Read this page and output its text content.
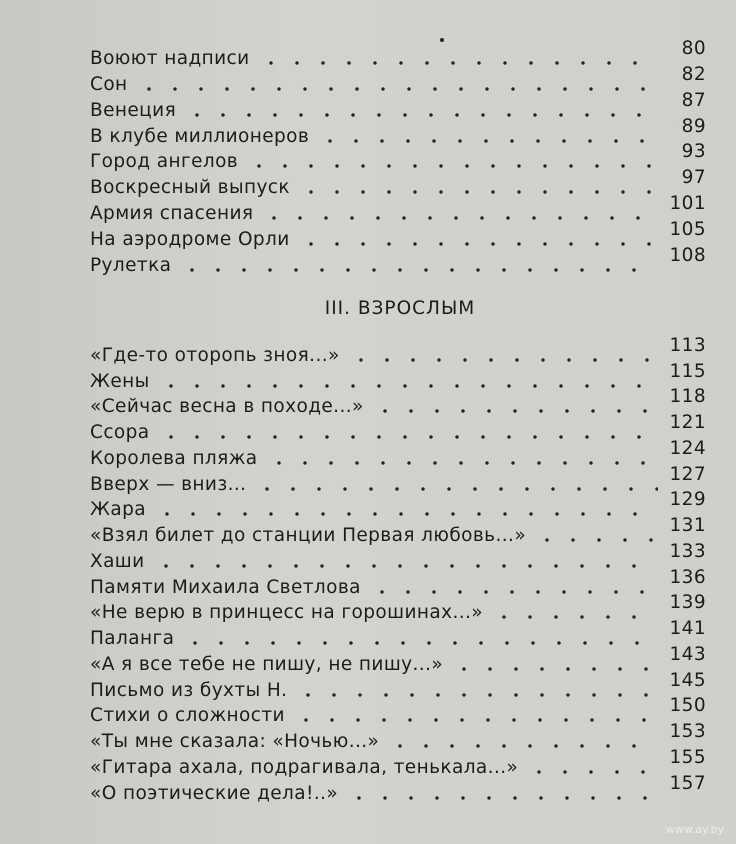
Воюют надписи	80
Сон	82
Венеция	87
В клубе миллионеров	89
Город ангелов	93
Воскресный выпуск	97
Армия спасения	101
На аэродроме Орли	105
Рулетка	108
III. ВЗРОСЛЫМ
«Где-то оторопь зноя...»	113
Жены	115
«Сейчас весна в походе...»	118
Ссора	121
Королева пляжа	124
Вверх — вниз...	127
Жара	129
«Взял билет до станции Первая любовь...»	131
Хаши	133
Памяти Михаила Светлова	136
«Не верю в принцесс на горошинах...»	139
Паланга	141
«А я все тебе не пишу, не пишу...»	143
Письмо из бухты Н.	145
Стихи о сложности	150
«Ты мне сказала: «Ночью...»	153
«Гитара ахала, подрагивала, тенькала...»	155
«О поэтические дела!..»	157
www.ay.by
